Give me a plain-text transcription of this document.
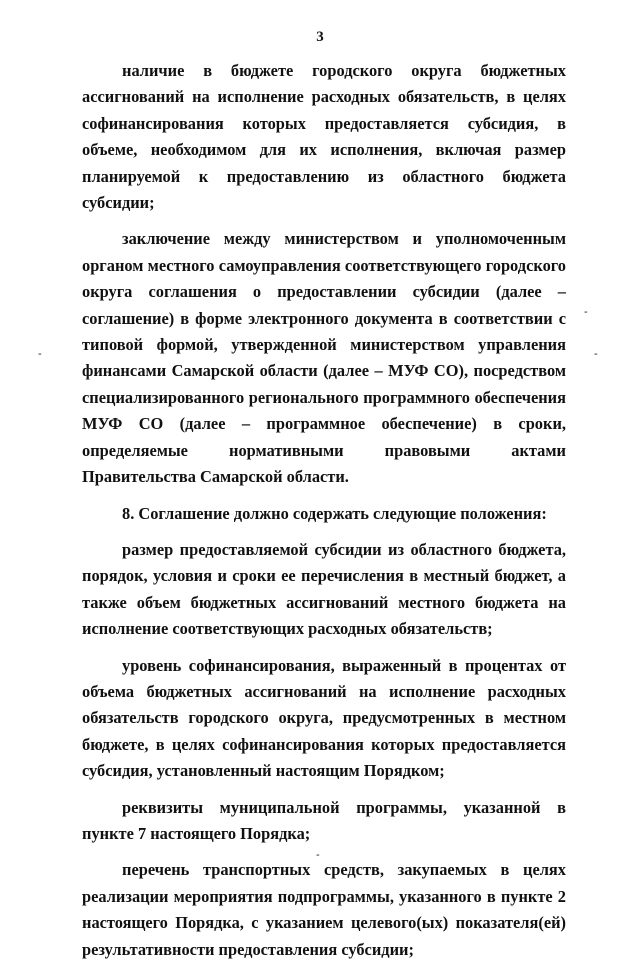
3

наличие в бюджете городского округа бюджетных ассигнований на исполнение расходных обязательств, в целях софинансирования которых предоставляется субсидия, в объеме, необходимом для их исполнения, включая размер планируемой к предоставлению из областного бюджета субсидии;

заключение между министерством и уполномоченным органом местного самоуправления соответствующего городского округа соглашения о предоставлении субсидии (далее – соглашение) в форме электронного документа в соответствии с типовой формой, утвержденной министерством управления финансами Самарской области (далее – МУФ СО), посредством специализированного регионального программного обеспечения МУФ СО (далее – программное обеспечение) в сроки, определяемые нормативными правовыми актами Правительства Самарской области.

8. Соглашение должно содержать следующие положения:

размер предоставляемой субсидии из областного бюджета, порядок, условия и сроки ее перечисления в местный бюджет, а также объем бюджетных ассигнований местного бюджета на исполнение соответствующих расходных обязательств;

уровень софинансирования, выраженный в процентах от объема бюджетных ассигнований на исполнение расходных обязательств городского округа, предусмотренных в местном бюджете, в целях софинансирования которых предоставляется субсидия, установленный настоящим Порядком;

реквизиты муниципальной программы, указанной в пункте 7 настоящего Порядка;

перечень транспортных средств, закупаемых в целях реализации мероприятия подпрограммы, указанного в пункте 2 настоящего Порядка, с указанием целевого(ых) показателя(ей) результативности предоставления субсидии;

-	-
-
-
